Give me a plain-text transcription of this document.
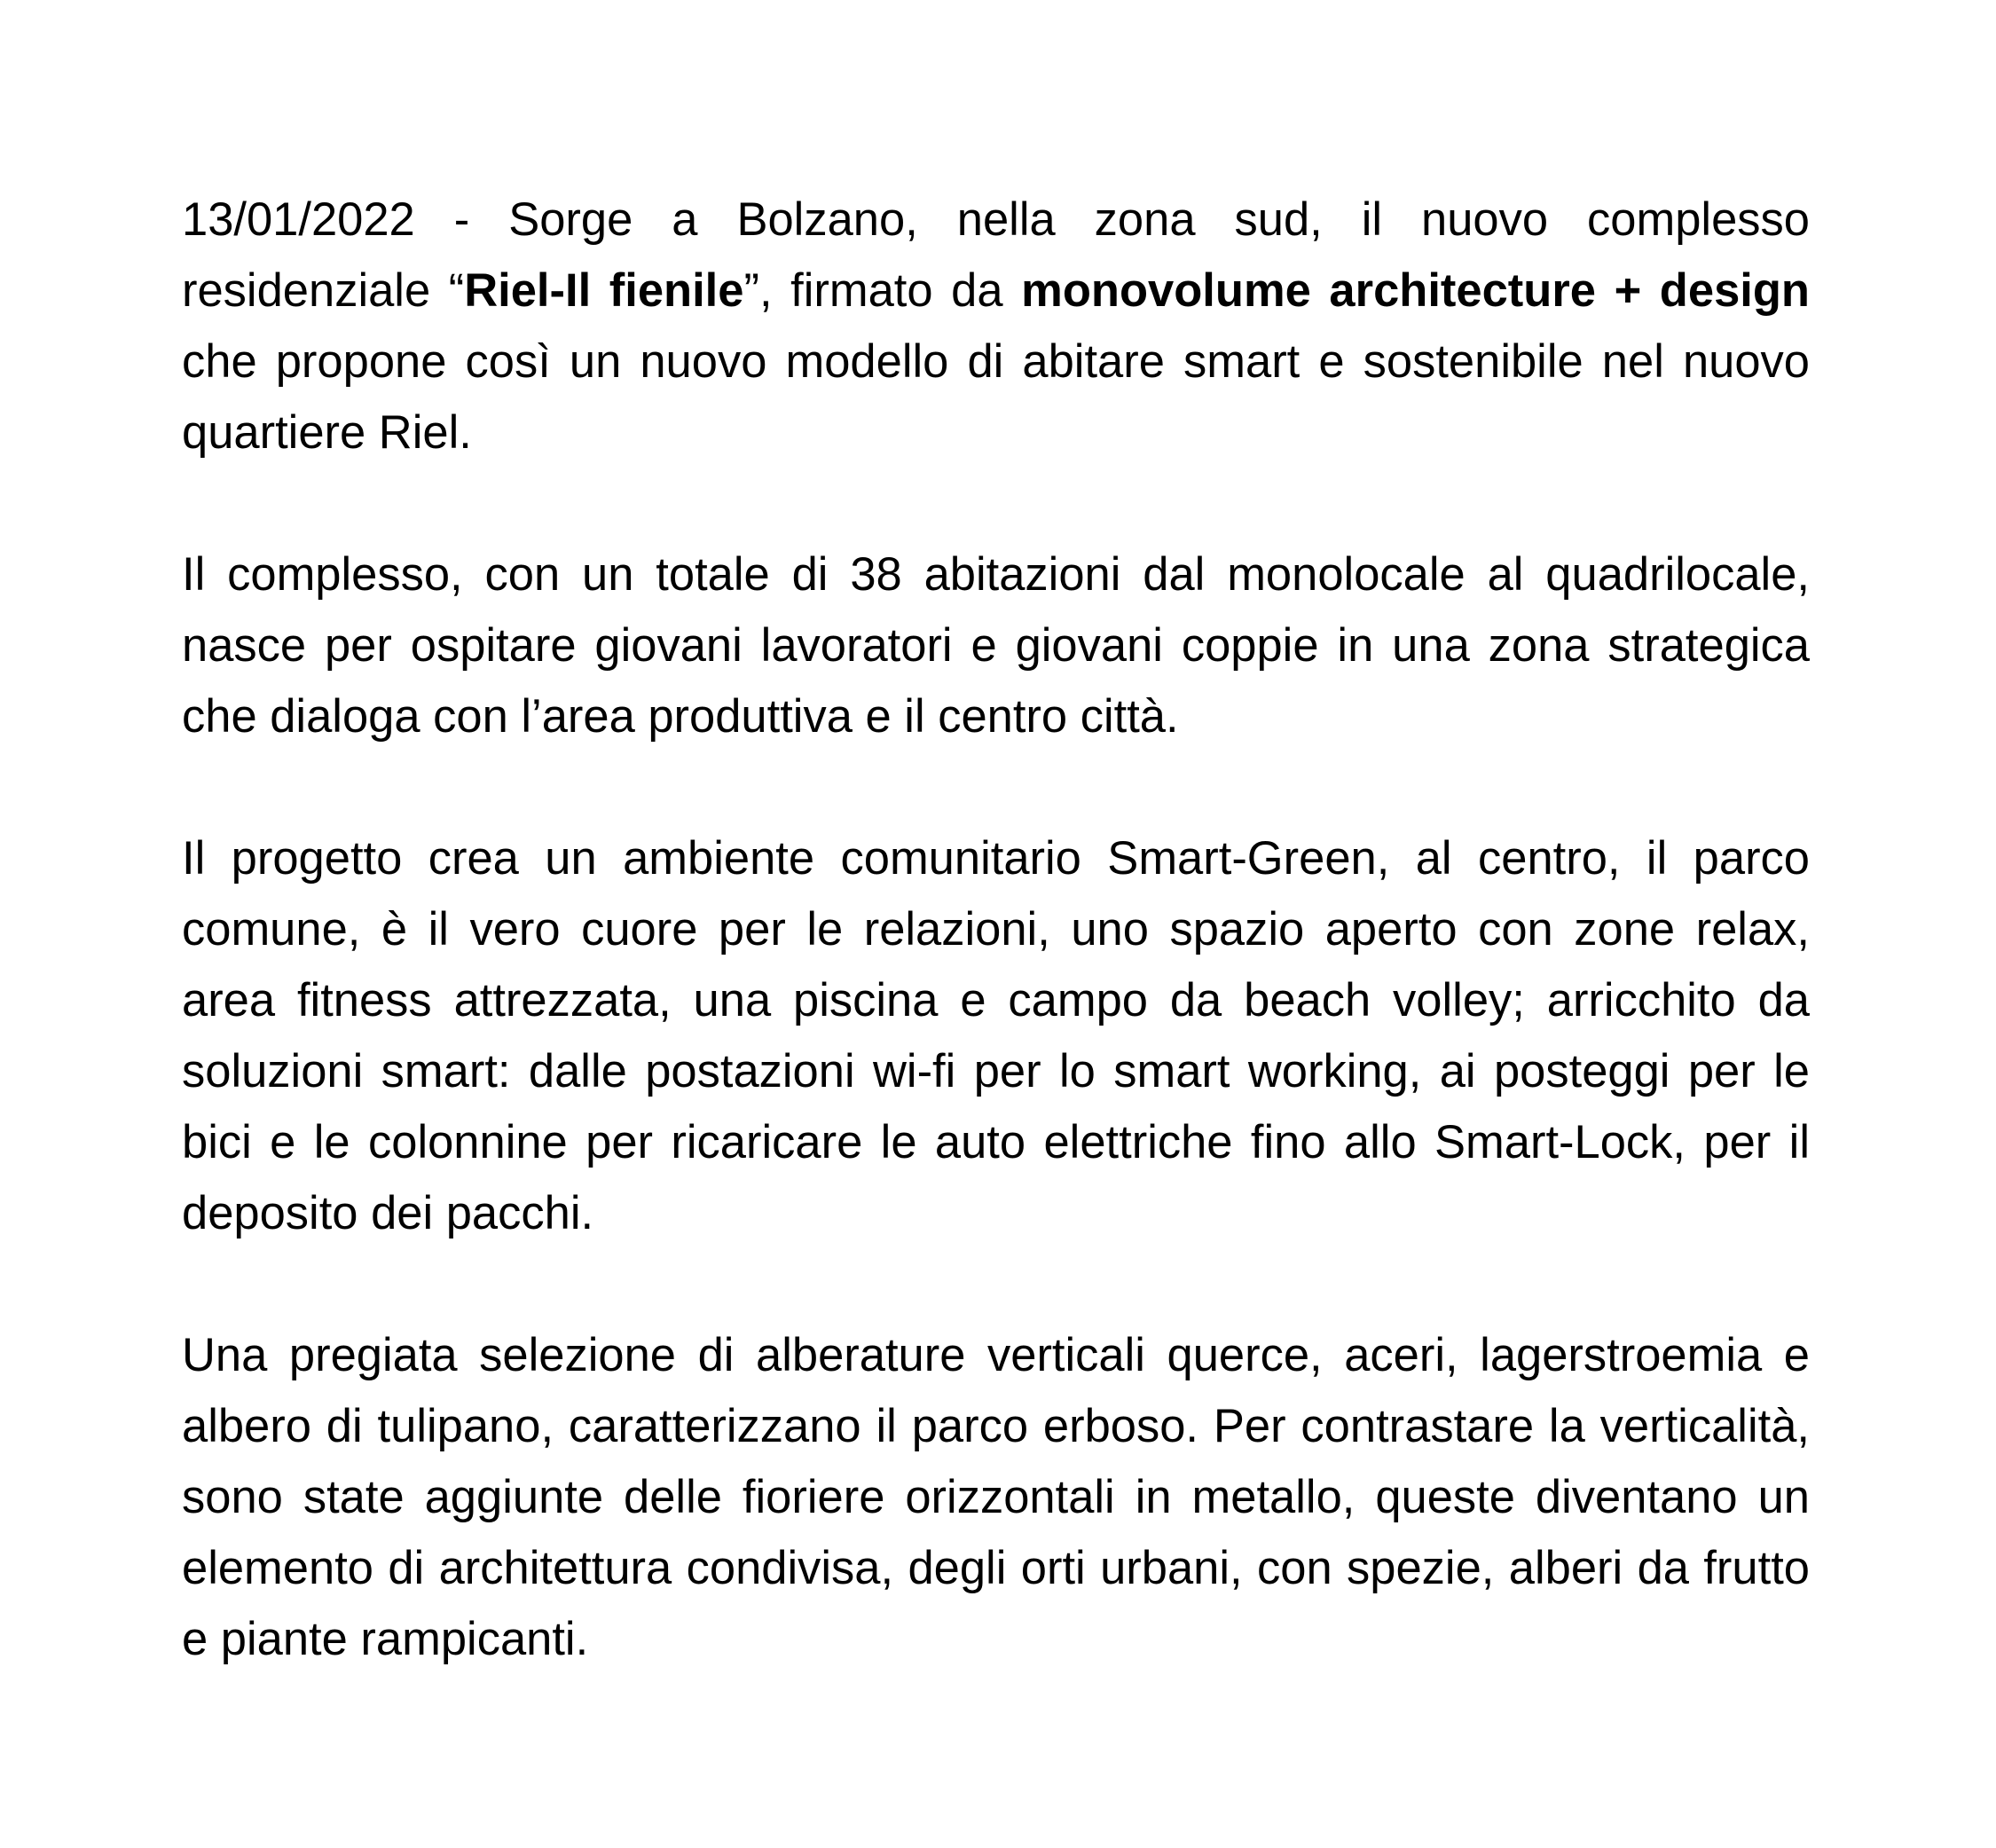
13/01/2022 - Sorge a Bolzano, nella zona sud, il nuovo complesso residenziale “Riel-Il fienile”, firmato da monovolume architecture + design che propone così un nuovo modello di abitare smart e sostenibile nel nuovo quartiere Riel.

Il complesso, con un totale di 38 abitazioni dal monolocale al quadrilocale, nasce per ospitare giovani lavoratori e giovani coppie in una zona strategica che dialoga con l’area produttiva e il centro città.

Il progetto crea un ambiente comunitario Smart-Green, al centro, il parco comune, è il vero cuore per le relazioni, uno spazio aperto con zone relax, area fitness attrezzata, una piscina e campo da beach volley; arricchito da soluzioni smart: dalle postazioni wi-fi per lo smart working, ai posteggi per le bici e le colonnine per ricaricare le auto elettriche fino allo Smart-Lock, per il deposito dei pacchi.

Una pregiata selezione di alberature verticali querce, aceri, lagerstroemia e albero di tulipano, caratterizzano il parco erboso. Per contrastare la verticalità, sono state aggiunte delle fioriere orizzontali in metallo, queste diventano un elemento di architettura condivisa, degli orti urbani, con spezie, alberi da frutto e piante rampicanti.
